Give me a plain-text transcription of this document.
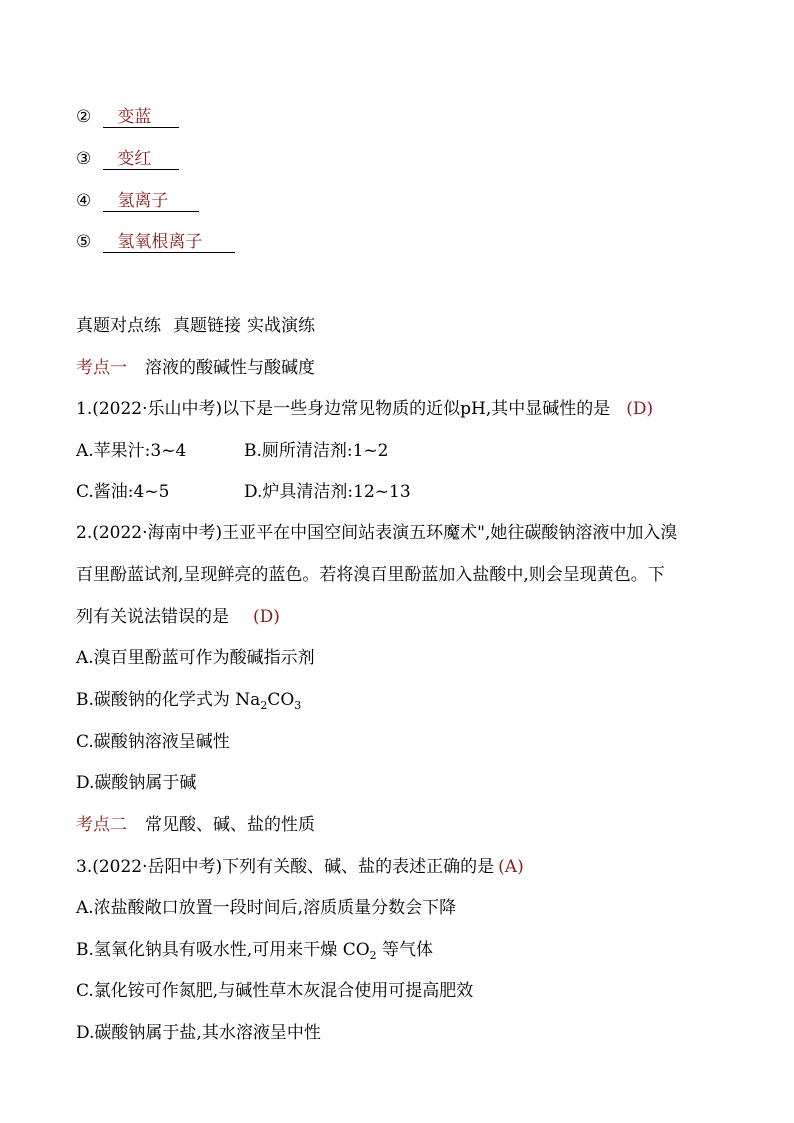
② 变蓝
③ 变红
④ 氢离子
⑤ 氢氧根离子
真题对点练 真题链接 实战演练
考点一 溶液的酸碱性与酸碱度
1.(2022·乐山中考)以下是一些身边常见物质的近似pH,其中显碱性的是 (D)
A.苹果汁:3~4	B.厕所清洁剂:1~2
C.酱油:4~5	D.炉具清洁剂:12~13
2.(2022·海南中考)王亚平在中国空间站表演五环魔术",她往碳酸钠溶液中加入溴
百里酚蓝试剂,呈现鲜亮的蓝色。若将溴百里酚蓝加入盐酸中,则会呈现黄色。下
列有关说法错误的是 (D)
A.溴百里酚蓝可作为酸碱指示剂
B.碳酸钠的化学式为 $Na_2CO_3$
C.碳酸钠溶液呈碱性
D.碳酸钠属于碱
考点二 常见酸、碱、盐的性质
3.(2022·岳阳中考)下列有关酸、碱、盐的表述正确的是 (A)
A.浓盐酸敞口放置一段时间后,溶质质量分数会下降
B.氢氧化钠具有吸水性,可用来干燥 $CO_2$ 等气体
C.氯化铵可作氮肥,与碱性草木灰混合使用可提高肥效
D.碳酸钠属于盐,其水溶液呈中性
